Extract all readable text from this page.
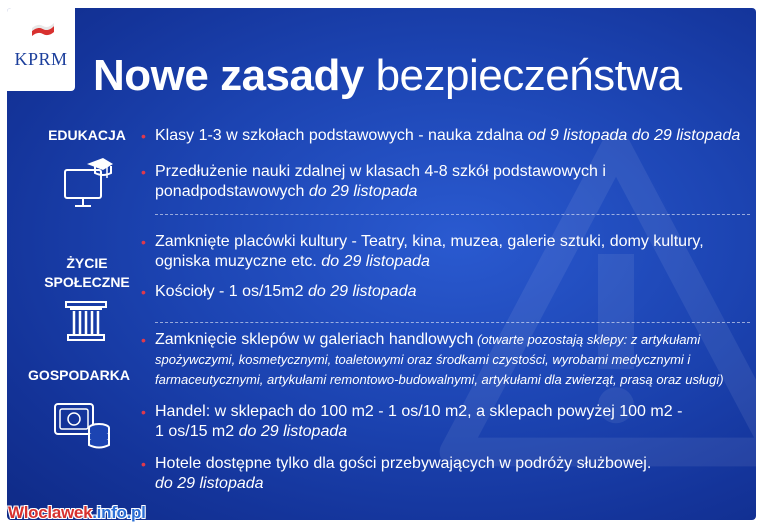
KPRM Nowe zasady bezpieczeństwa
EDUKACJA	• Klasy 1-3 w szkołach podstawowych - nauka zdalna od 9 listopada do 29 listopada
• Przedłużenie nauki zdalnej w klasach 4-8 szkół podstawowych i ponadpodstawowych do 29 listopada
ŻYCIE
SPOŁECZNE
• Zamknięte placówki kultury - Teatry, kina, muzea, galerie sztuki, domy kultury, ogniska muzyczne etc. do 29 listopada
• Kościoły - 1 os/15m2 do 29 listopada
GOSPODARKA
• Zamknięcie sklepów w galeriach handlowych (otwarte pozostają sklepy: z artykułami spożywczymi, kosmetycznymi, toaletowymi oraz środkami czystości, wyrobami medycznymi i farmaceutycznymi, artykułami remontowo-budowalnymi, artykułami dla zwierząt, prasą oraz usługi)
• Handel: w sklepach do 100 m2 - 1 os/10 m2, a sklepach powyżej 100 m2 - 1 os/15 m2 do 29 listopada
• Hotele dostępne tylko dla gości przebywających w podróży służbowej.
do 29 listopada
Wloclawek.info.pl
